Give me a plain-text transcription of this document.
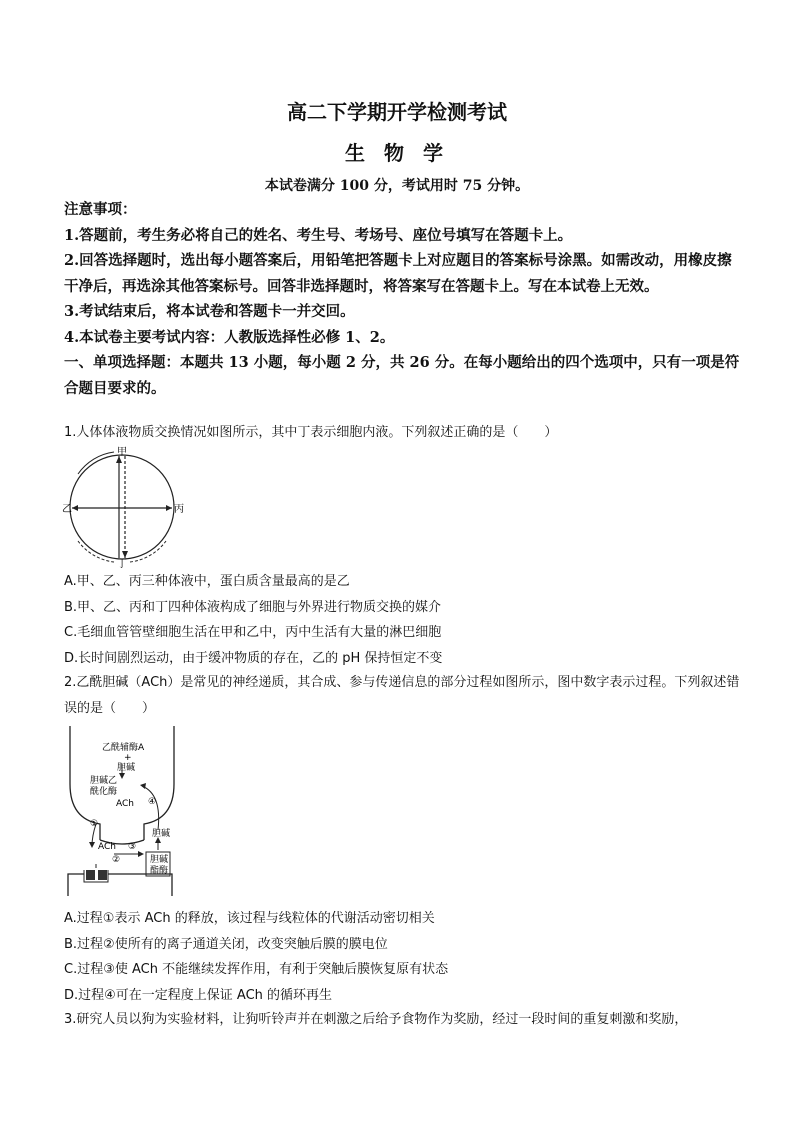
高二下学期开学检测考试
生 物 学
本试卷满分 100 分，考试用时 75 分钟。
注意事项：
1.答题前，考生务必将自己的姓名、考生号、考场号、座位号填写在答题卡上。
2.回答选择题时，选出每小题答案后，用铅笔把答题卡上对应题目的答案标号涂黑。如需改动，用橡皮擦干净后，再选涂其他答案标号。回答非选择题时，将答案写在答题卡上。写在本试卷上无效。
3.考试结束后，将本试卷和答题卡一并交回。
4.本试卷主要考试内容：人教版选择性必修 1、2。
一、单项选择题：本题共 13 小题，每小题 2 分，共 26 分。在每小题给出的四个选项中，只有一项是符合题目要求的。
1.人体体液物质交换情况如图所示，其中丁表示细胞内液。下列叙述正确的是（　　）
甲
乙	丙
丁
A.甲、乙、丙三种体液中，蛋白质含量最高的是乙
B.甲、乙、丙和丁四种体液构成了细胞与外界进行物质交换的媒介
C.毛细血管管壁细胞生活在甲和乙中，丙中生活有大量的淋巴细胞
D.长时间剧烈运动，由于缓冲物质的存在，乙的 pH 保持恒定不变
2.乙酰胆碱（ACh）是常见的神经递质，其合成、参与传递信息的部分过程如图所示，图中数字表示过程。下列叙述错误的是（　　）
乙酰辅酶A
+
胆碱
胆碱乙
酰化酶
ACh ④
①
胆碱
ACh ③
②	胆碱
酯酶
A.过程①表示 ACh 的释放，该过程与线粒体的代谢活动密切相关
B.过程②使所有的离子通道关闭，改变突触后膜的膜电位
C.过程③使 ACh 不能继续发挥作用，有利于突触后膜恢复原有状态
D.过程④可在一定程度上保证 ACh 的循环再生
3.研究人员以狗为实验材料，让狗听铃声并在刺激之后给予食物作为奖励，经过一段时间的重复刺激和奖励，
